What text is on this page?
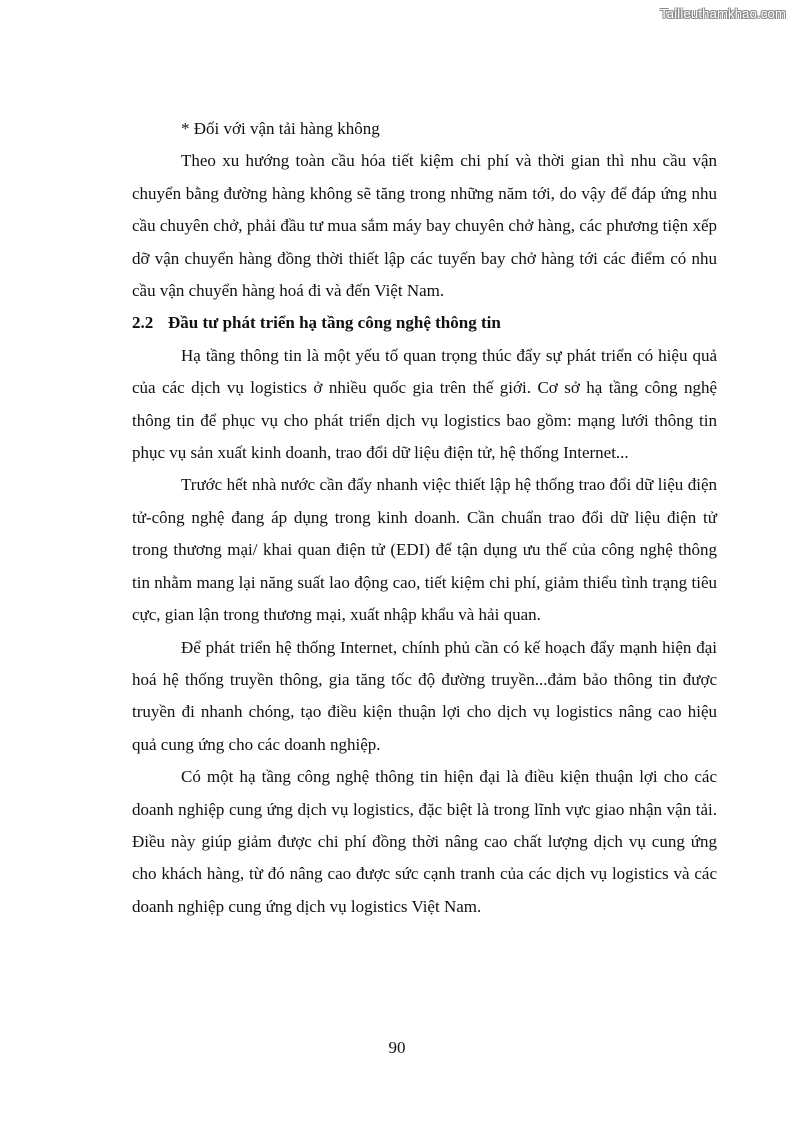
Tailieuthamkhao.com

* Đối với vận tải hàng không

Theo xu hướng toàn cầu hóa tiết kiệm chi phí và thời gian thì nhu cầu vận chuyển bằng đường hàng không sẽ tăng trong những năm tới, do vậy để đáp ứng nhu cầu chuyên chở, phải đầu tư mua sắm máy bay chuyên chở hàng, các phương tiện xếp dỡ vận chuyển hàng đồng thời thiết lập các tuyến bay chở hàng tới các điểm có nhu cầu vận chuyển hàng hoá đi và đến Việt Nam.

2.2 Đầu tư phát triển hạ tầng công nghệ thông tin

Hạ tầng thông tin là một yếu tố quan trọng thúc đẩy sự phát triển có hiệu quả của các dịch vụ logistics ở nhiều quốc gia trên thế giới. Cơ sở hạ tầng công nghệ thông tin để phục vụ cho phát triển dịch vụ logistics bao gồm: mạng lưới thông tin phục vụ sản xuất kinh doanh, trao đổi dữ liệu điện tử, hệ thống Internet...

Trước hết nhà nước cần đẩy nhanh việc thiết lập hệ thống trao đổi dữ liệu điện tử-công nghệ đang áp dụng trong kinh doanh. Cần chuẩn trao đổi dữ liệu điện tử trong thương mại/ khai quan điện tử (EDI) để tận dụng ưu thế của công nghệ thông tin nhằm mang lại năng suất lao động cao, tiết kiệm chi phí, giảm thiểu tình trạng tiêu cực, gian lận trong thương mại, xuất nhập khẩu và hải quan.

Để phát triển hệ thống Internet, chính phủ cần có kế hoạch đẩy mạnh hiện đại hoá hệ thống truyền thông, gia tăng tốc độ đường truyền...đảm bảo thông tin được truyền đi nhanh chóng, tạo điều kiện thuận lợi cho dịch vụ logistics nâng cao hiệu quả cung ứng cho các doanh nghiệp.

Có một hạ tầng công nghệ thông tin hiện đại là điều kiện thuận lợi cho các doanh nghiệp cung ứng dịch vụ logistics, đặc biệt là trong lĩnh vực giao nhận vận tải. Điều này giúp giảm được chi phí đồng thời nâng cao chất lượng dịch vụ cung ứng cho khách hàng, từ đó nâng cao được sức cạnh tranh của các dịch vụ logistics và các doanh nghiệp cung ứng dịch vụ logistics Việt Nam.

90
